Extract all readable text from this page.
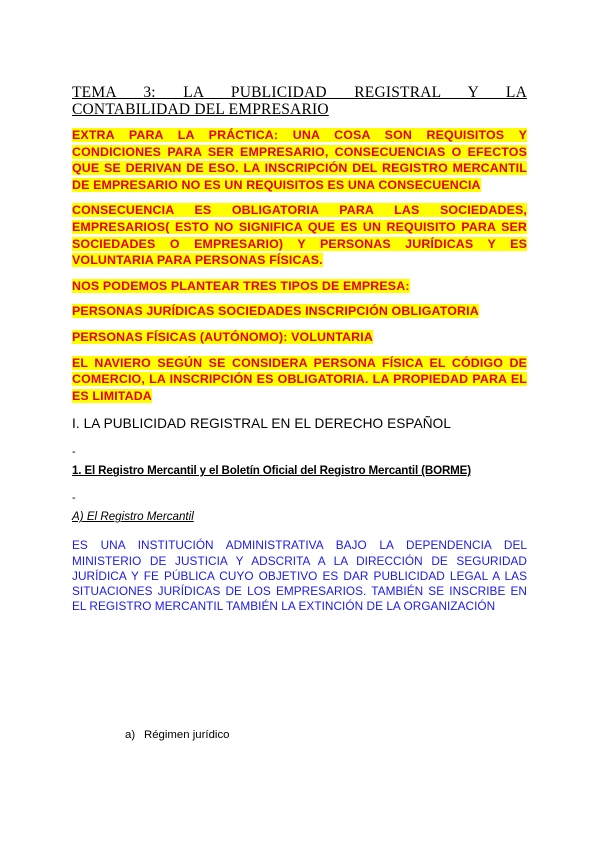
TEMA 3: LA PUBLICIDAD REGISTRAL Y LA
CONTABILIDAD DEL EMPRESARIO

EXTRA PARA LA PRÁCTICA: UNA COSA SON REQUISITOS Y CONDICIONES PARA SER EMPRESARIO, CONSECUENCIAS O EFECTOS QUE SE DERIVAN DE ESO. LA INSCRIPCIÓN DEL REGISTRO MERCANTIL DE EMPRESARIO NO ES UN REQUISITOS ES UNA CONSECUENCIA

CONSECUENCIA ES OBLIGATORIA PARA LAS SOCIEDADES, EMPRESARIOS( ESTO NO SIGNIFICA QUE ES UN REQUISITO PARA SER SOCIEDADES O EMPRESARIO) Y PERSONAS JURÍDICAS Y ES VOLUNTARIA PARA PERSONAS FÍSICAS.

NOS PODEMOS PLANTEAR TRES TIPOS DE EMPRESA:

PERSONAS JURÍDICAS SOCIEDADES INSCRIPCIÓN OBLIGATORIA

PERSONAS FÍSICAS (AUTÓNOMO): VOLUNTARIA

EL NAVIERO SEGÚN SE CONSIDERA PERSONA FÍSICA EL CÓDIGO DE COMERCIO, LA INSCRIPCIÓN ES OBLIGATORIA. LA PROPIEDAD PARA EL ES LIMITADA

I. LA PUBLICIDAD REGISTRAL EN EL DERECHO ESPAÑOL
-
1. El Registro Mercantil y el Boletín Oficial del Registro Mercantil (BORME)
-
A) El Registro Mercantil

ES UNA INSTITUCIÓN ADMINISTRATIVA BAJO LA DEPENDENCIA DEL MINISTERIO DE JUSTICIA Y ADSCRITA A LA DIRECCIÓN DE SEGURIDAD JURÍDICA Y FE PÚBLICA CUYO OBJETIVO ES DAR PUBLICIDAD LEGAL A LAS SITUACIONES JURÍDICAS DE LOS EMPRESARIOS. TAMBIÉN SE INSCRIBE EN EL REGISTRO MERCANTIL TAMBIÉN LA EXTINCIÓN DE LA ORGANIZACIÓN

a) Régimen jurídico
